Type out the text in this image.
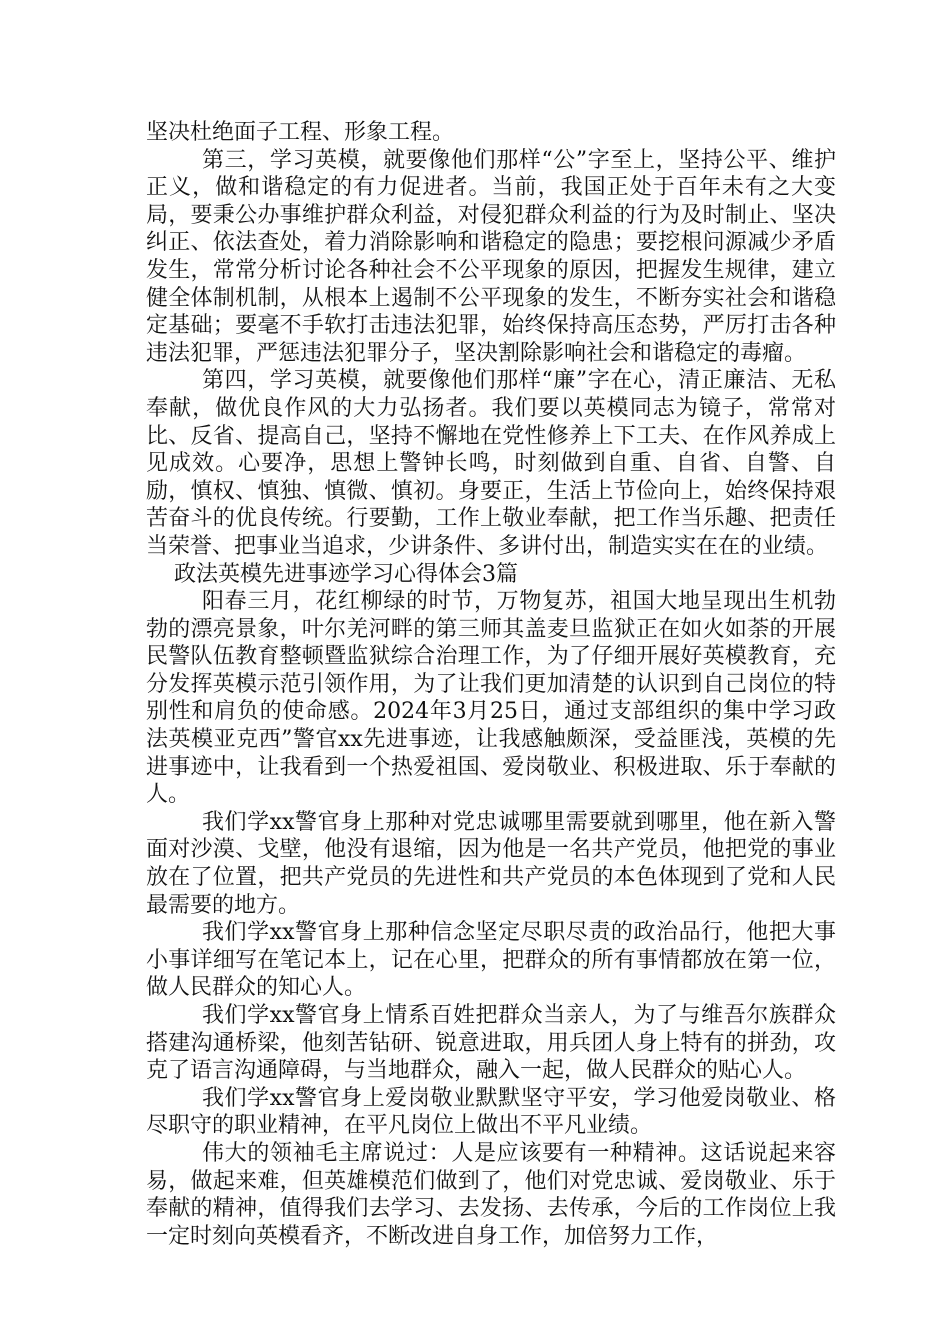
坚决杜绝面子工程、形象工程。

第三，学习英模，就要像他们那样“公”字至上，坚持公平、维护正义，做和谐稳定的有力促进者。当前，我国正处于百年未有之大变局，要秉公办事维护群众利益，对侵犯群众利益的行为及时制止、坚决纠正、依法查处，着力消除影响和谐稳定的隐患；要挖根问源减少矛盾发生，常常分析讨论各种社会不公平现象的原因，把握发生规律，建立健全体制机制，从根本上遏制不公平现象的发生，不断夯实社会和谐稳定基础；要毫不手软打击违法犯罪，始终保持高压态势，严厉打击各种违法犯罪，严惩违法犯罪分子，坚决割除影响社会和谐稳定的毒瘤。

第四，学习英模，就要像他们那样“廉”字在心，清正廉洁、无私奉献，做优良作风的大力弘扬者。我们要以英模同志为镜子，常常对比、反省、提高自己，坚持不懈地在党性修养上下工夫、在作风养成上见成效。心要净，思想上警钟长鸣，时刻做到自重、自省、自警、自励，慎权、慎独、慎微、慎初。身要正，生活上节俭向上，始终保持艰苦奋斗的优良传统。行要勤，工作上敬业奉献，把工作当乐趣、把责任当荣誉、把事业当追求，少讲条件、多讲付出，制造实实在在的业绩。

政法英模先进事迹学习心得体会3篇

阳春三月，花红柳绿的时节，万物复苏，祖国大地呈现出生机勃勃的漂亮景象，叶尔羌河畔的第三师其盖麦旦监狱正在如火如荼的开展民警队伍教育整顿暨监狱综合治理工作，为了仔细开展好英模教育，充分发挥英模示范引领作用，为了让我们更加清楚的认识到自己岗位的特别性和肩负的使命感。2024年3月25日，通过支部组织的集中学习政法英模亚克西”警官xx先进事迹，让我感触颇深，受益匪浅，英模的先进事迹中，让我看到一个热爱祖国、爱岗敬业、积极进取、乐于奉献的人。

我们学xx警官身上那种对党忠诚哪里需要就到哪里，他在新入警面对沙漠、戈壁，他没有退缩，因为他是一名共产党员，他把党的事业放在了位置，把共产党员的先进性和共产党员的本色体现到了党和人民最需要的地方。

我们学xx警官身上那种信念坚定尽职尽责的政治品行，他把大事小事详细写在笔记本上，记在心里，把群众的所有事情都放在第一位，做人民群众的知心人。

我们学xx警官身上情系百姓把群众当亲人，为了与维吾尔族群众搭建沟通桥梁，他刻苦钻研、锐意进取，用兵团人身上特有的拼劲，攻克了语言沟通障碍，与当地群众，融入一起，做人民群众的贴心人。

我们学xx警官身上爱岗敬业默默坚守平安，学习他爱岗敬业、格尽职守的职业精神，在平凡岗位上做出不平凡业绩。

伟大的领袖毛主席说过：人是应该要有一种精神。这话说起来容易，做起来难，但英雄模范们做到了，他们对党忠诚、爱岗敬业、乐于奉献的精神，值得我们去学习、去发扬、去传承，今后的工作岗位上我一定时刻向英模看齐，不断改进自身工作，加倍努力工作，
